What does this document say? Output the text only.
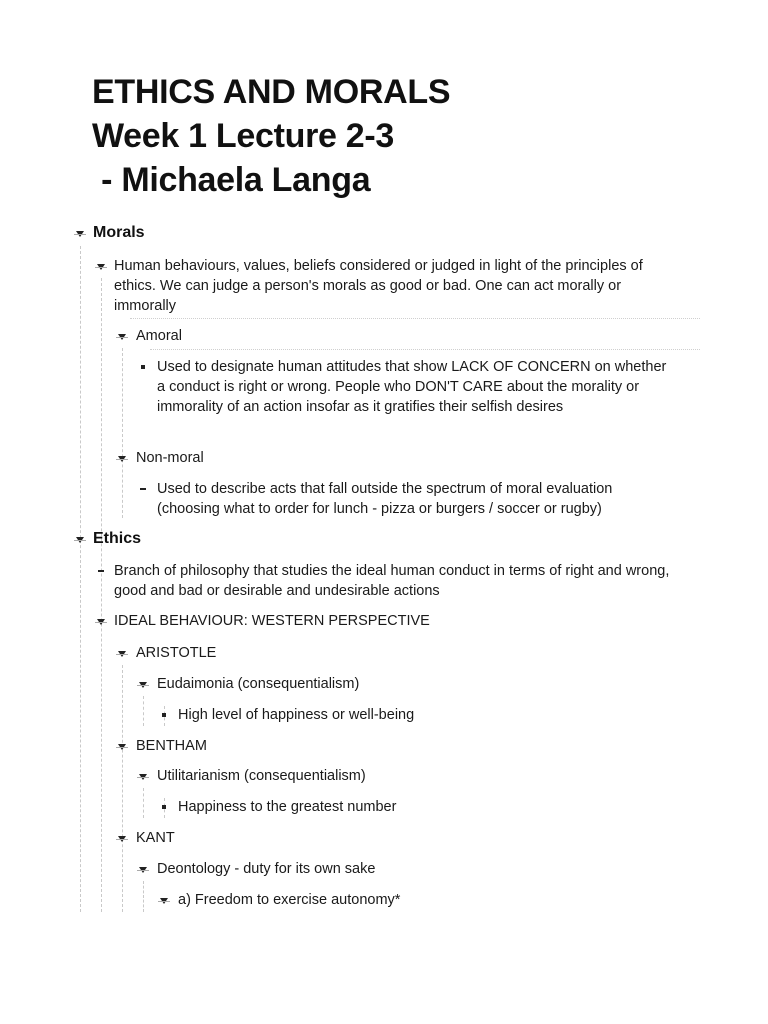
ETHICS AND MORALS
Week 1 Lecture 2-3
- Michaela Langa
Morals
Human behaviours, values, beliefs considered or judged in light of the principles of ethics. We can judge a person's morals as good or bad. One can act morally or immorally
Amoral
Used to designate human attitudes that show LACK OF CONCERN on whether a conduct is right or wrong. People who DON'T CARE about the morality or immorality of an action insofar as it gratifies their selfish desires
Non-moral
Used to describe acts that fall outside the spectrum of moral evaluation (choosing what to order for lunch - pizza or burgers / soccer or rugby)
Ethics
Branch of philosophy that studies the ideal human conduct in terms of right and wrong, good and bad or desirable and undesirable actions
IDEAL BEHAVIOUR: WESTERN PERSPECTIVE
ARISTOTLE
Eudaimonia (consequentialism)
High level of happiness or well-being
BENTHAM
Utilitarianism (consequentialism)
Happiness to the greatest number
KANT
Deontology - duty for its own sake
a) Freedom to exercise autonomy*
